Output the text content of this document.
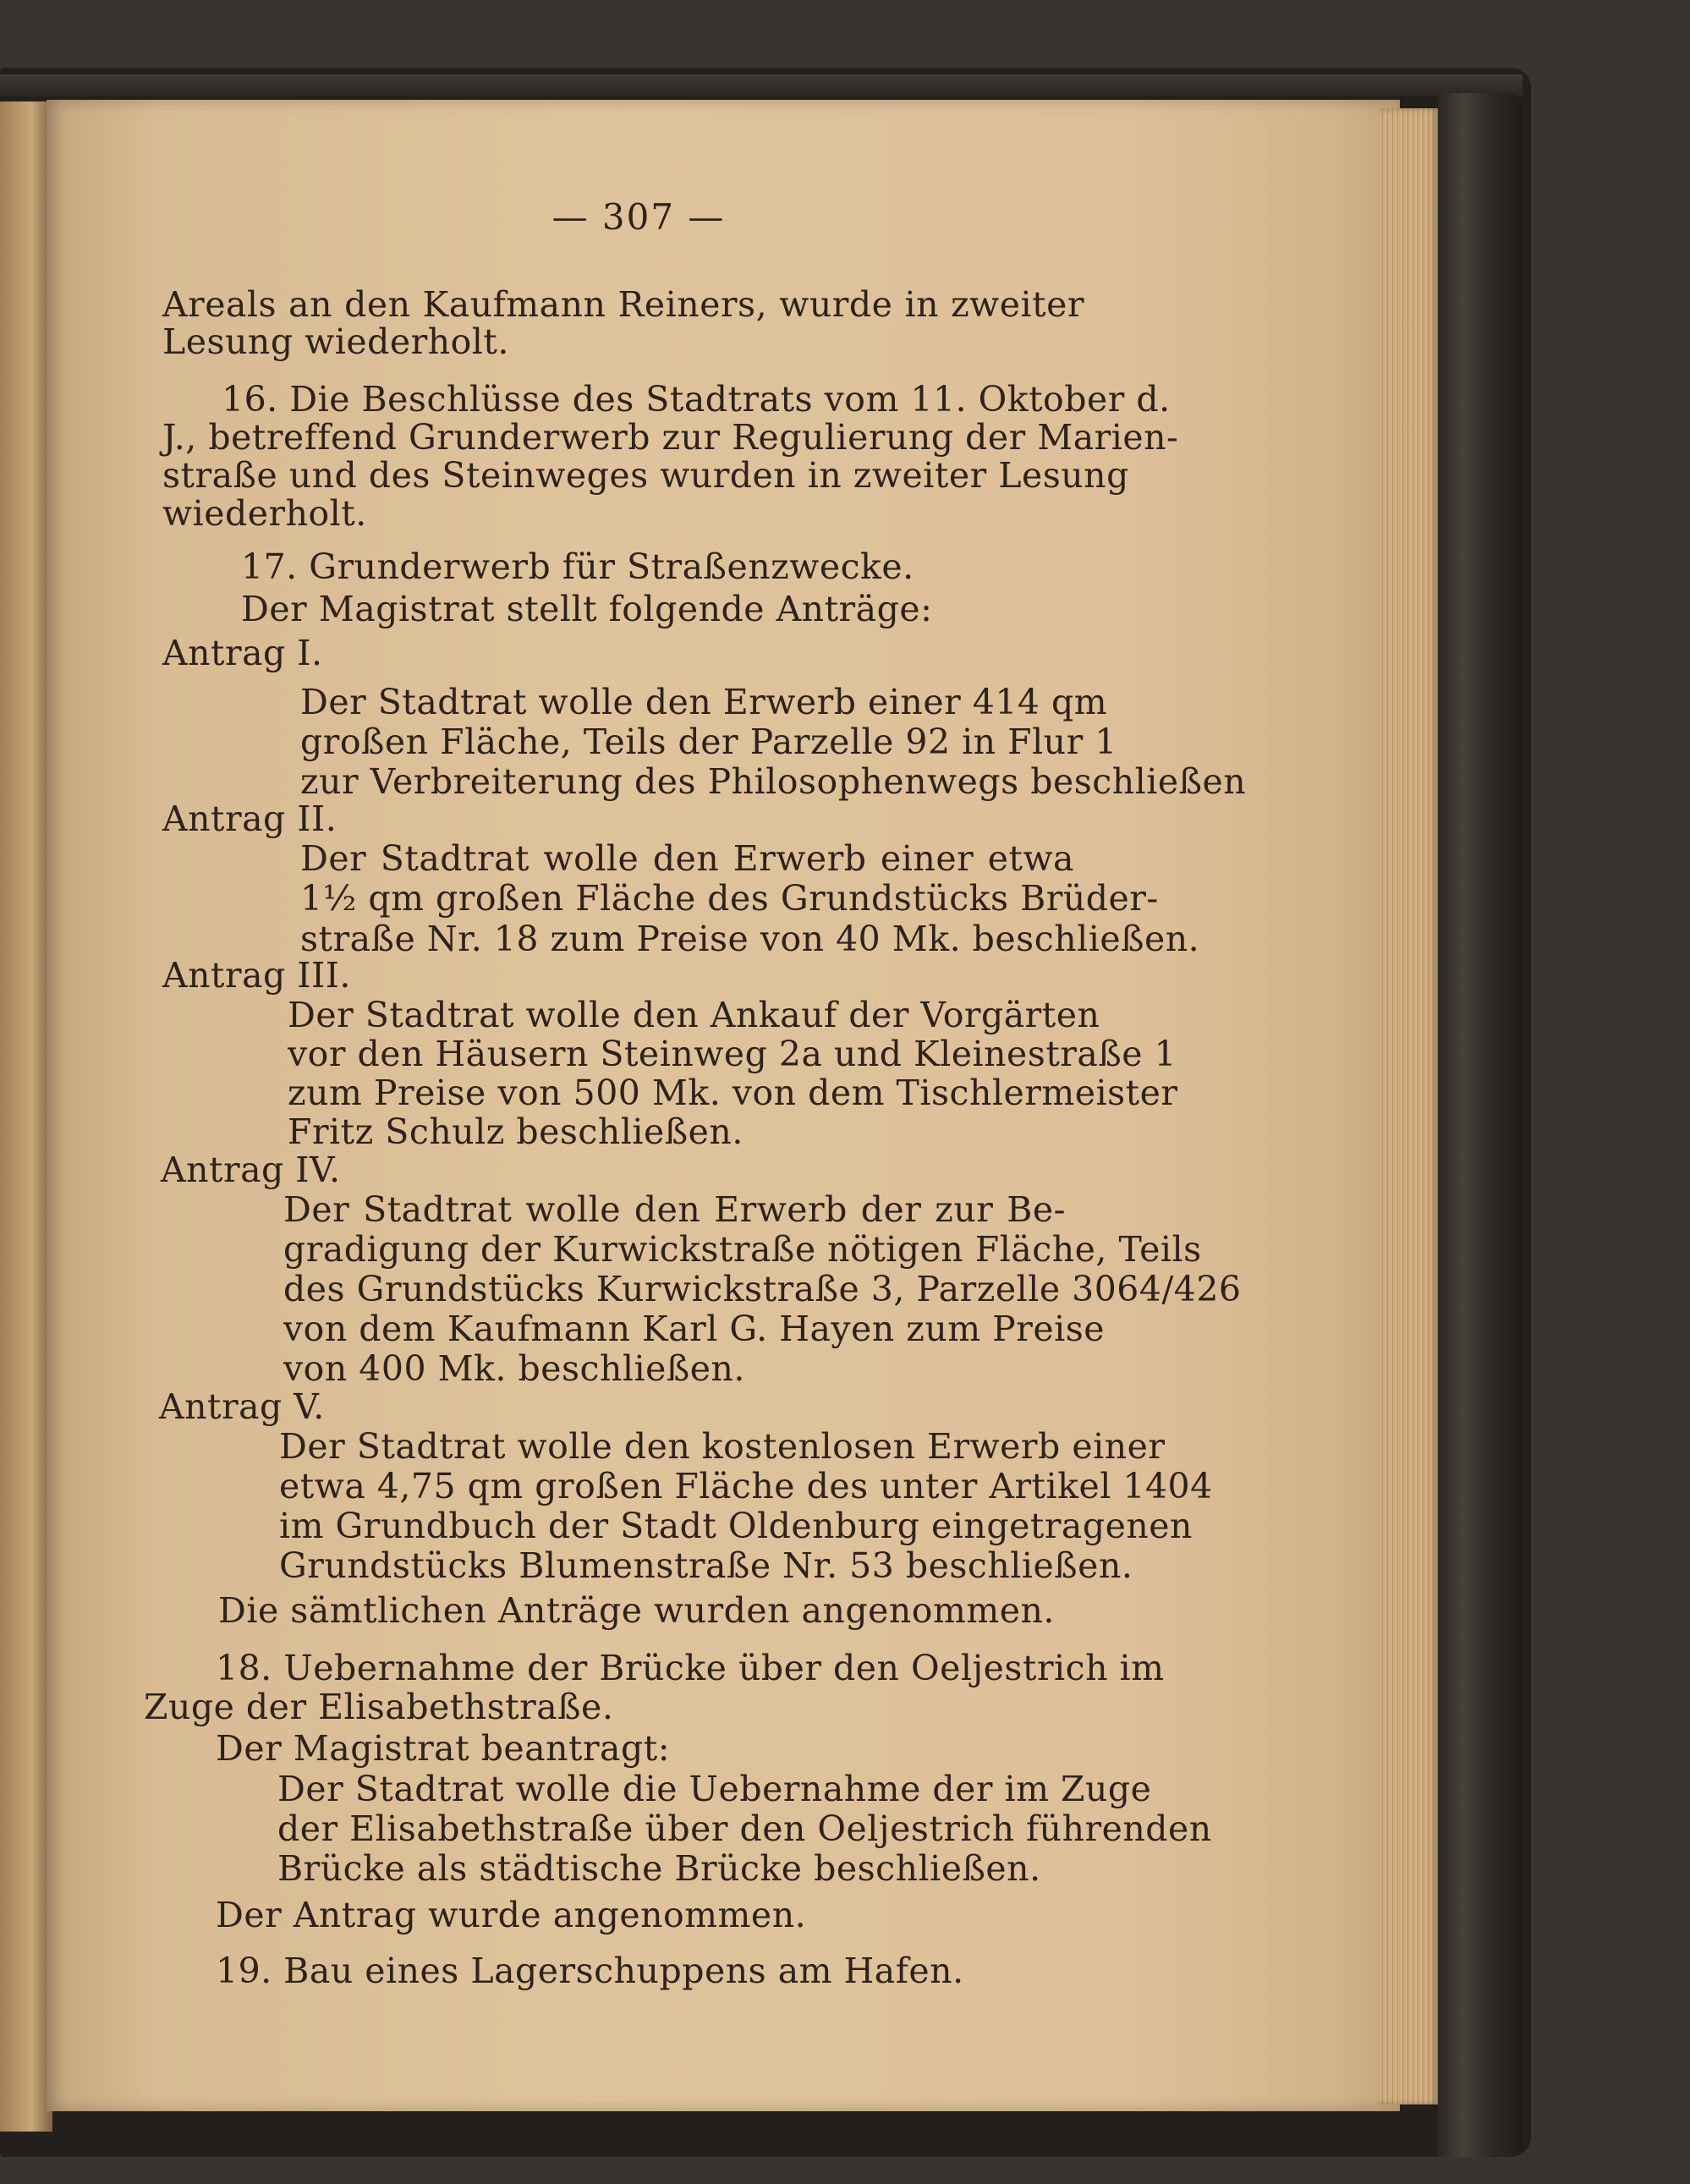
— 307 —
Areals an den Kaufmann Reiners, wurde in zweiter
Lesung wiederholt.
16. Die Beschlüsse des Stadtrats vom 11. Oktober d.
J., betreffend Grunderwerb zur Regulierung der Marien-
straße und des Steinweges wurden in zweiter Lesung
wiederholt.
17. Grunderwerb für Straßenzwecke.
Der Magistrat stellt folgende Anträge:
Antrag I.
Der Stadtrat wolle den Erwerb einer 414 qm
großen Fläche, Teils der Parzelle 92 in Flur 1
zur Verbreiterung des Philosophenwegs beschließen
Antrag II.
Der Stadtrat wolle den Erwerb einer etwa
1½ qm großen Fläche des Grundstücks Brüder-
straße Nr. 18 zum Preise von 40 Mk. beschließen.
Antrag III.
Der Stadtrat wolle den Ankauf der Vorgärten
vor den Häusern Steinweg 2a und Kleinestraße 1
zum Preise von 500 Mk. von dem Tischlermeister
Fritz Schulz beschließen.
Antrag IV.
Der Stadtrat wolle den Erwerb der zur Be-
gradigung der Kurwickstraße nötigen Fläche, Teils
des Grundstücks Kurwickstraße 3, Parzelle 3064/426
von dem Kaufmann Karl G. Hayen zum Preise
von 400 Mk. beschließen.
Antrag V.
Der Stadtrat wolle den kostenlosen Erwerb einer
etwa 4,75 qm großen Fläche des unter Artikel 1404
im Grundbuch der Stadt Oldenburg eingetragenen
Grundstücks Blumenstraße Nr. 53 beschließen.
Die sämtlichen Anträge wurden angenommen.
18. Uebernahme der Brücke über den Oeljestrich im
Zuge der Elisabethstraße.
Der Magistrat beantragt:
Der Stadtrat wolle die Uebernahme der im Zuge
der Elisabethstraße über den Oeljestrich führenden
Brücke als städtische Brücke beschließen.
Der Antrag wurde angenommen.
19. Bau eines Lagerschuppens am Hafen.
